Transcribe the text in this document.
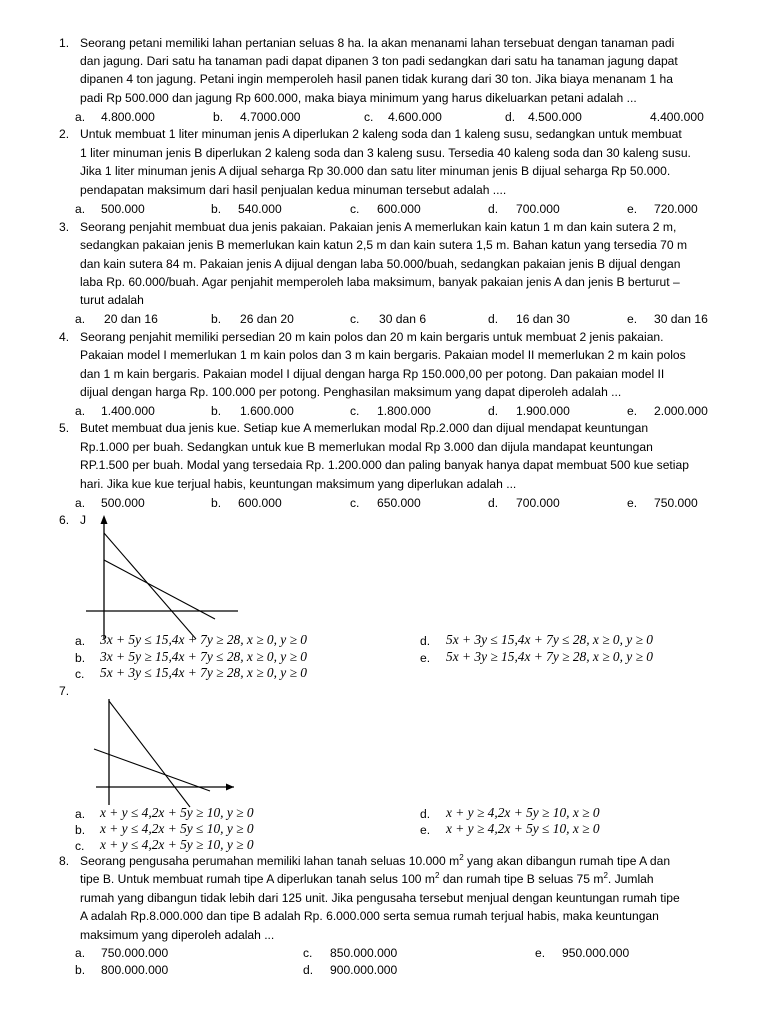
1. Seorang petani memiliki lahan pertanian seluas 8 ha. Ia akan menanami lahan tersebuat dengan tanaman padi
dan jagung. Dari satu ha tanaman padi dapat dipanen 3 ton padi sedangkan dari satu ha tanaman jagung dapat
dipanen 4 ton jagung. Petani ingin memperoleh hasil panen tidak kurang dari 30 ton. Jika biaya menanam 1 ha
padi Rp 500.000 dan jagung Rp 600.000, maka biaya minimum yang harus dikeluarkan petani adalah ...
a. 4.800.000	b. 4.7000.000	c. 4.600.000	d. 4.500.000	4.400.000
2. Untuk membuat 1 liter minuman jenis A diperlukan 2 kaleng soda dan 1 kaleng susu, sedangkan untuk membuat
1 liter minuman jenis B diperlukan 2 kaleng soda dan 3 kaleng susu. Tersedia 40 kaleng soda dan 30 kaleng susu.
Jika 1 liter minuman jenis A dijual seharga Rp 30.000 dan satu liter minuman jenis B dijual seharga Rp 50.000.
pendapatan maksimum dari hasil penjualan kedua minuman tersebut adalah ....
a. 500.000	b. 540.000	c. 600.000	d. 700.000	e. 720.000
3. Seorang penjahit membuat dua jenis pakaian. Pakaian jenis A memerlukan kain katun 1 m dan kain sutera 2 m,
sedangkan pakaian jenis B memerlukan kain katun 2,5 m dan kain sutera 1,5 m. Bahan katun yang tersedia 70 m
dan kain sutera 84 m. Pakaian jenis A dijual dengan laba 50.000/buah, sedangkan pakaian jenis B dijual dengan
laba Rp. 60.000/buah. Agar penjahit memperoleh laba maksimum, banyak pakaian jenis A dan jenis B berturut –
turut adalah
a. 20 dan 16	b. 26 dan 20	c. 30 dan 6	d. 16 dan 30	e. 30 dan 16
4. Seorang penjahit memiliki persedian 20 m kain polos dan 20 m kain bergaris untuk membuat 2 jenis pakaian.
Pakaian model I memerlukan 1 m kain polos dan 3 m kain bergaris. Pakaian model II memerlukan 2 m kain polos
dan 1 m kain bergaris. Pakaian model I dijual dengan harga Rp 150.000,00 per potong. Dan pakaian model II
dijual dengan harga Rp. 100.000 per potong. Penghasilan maksimum yang dapat diperoleh adalah ...
a. 1.400.000	b. 1.600.000	c. 1.800.000	d. 1.900.000	e. 2.000.000
5. Butet membuat dua jenis kue. Setiap kue A memerlukan modal Rp.2.000 dan dijual mendapat keuntungan
Rp.1.000 per buah. Sedangkan untuk kue B memerlukan modal Rp 3.000 dan dijula mandapat keuntungan
RP.1.500 per buah. Modal yang tersedaia Rp. 1.200.000 dan paling banyak hanya dapat membuat 500 kue setiap
hari. Jika kue kue terjual habis, keuntungan maksimum yang diperlukan adalah ...
a. 500.000	b. 600.000	c. 650.000	d. 700.000	e. 750.000
6. J
a. 3x + 5y ≤ 15,4x + 7y ≥ 28, x ≥ 0, y ≥ 0
b. 3x + 5y ≥ 15,4x + 7y ≤ 28, x ≥ 0, y ≥ 0
c. 5x + 3y ≤ 15,4x + 7y ≥ 28, x ≥ 0, y ≥ 0
d. 5x + 3y ≤ 15,4x + 7y ≤ 28, x ≥ 0, y ≥ 0
e. 5x + 3y ≥ 15,4x + 7y ≥ 28, x ≥ 0, y ≥ 0
7.
a. x + y ≤ 4,2x + 5y ≥ 10, y ≥ 0
b. x + y ≤ 4,2x + 5y ≤ 10, y ≥ 0
c. x + y ≤ 4,2x + 5y ≥ 10, y ≥ 0
d. x + y ≥ 4,2x + 5y ≥ 10, x ≥ 0
e. x + y ≥ 4,2x + 5y ≤ 10, x ≥ 0
8. Seorang pengusaha perumahan memiliki lahan tanah seluas 10.000 $m^2$ yang akan dibangun rumah tipe A dan
tipe B. Untuk membuat rumah tipe A diperlukan tanah selus 100 $m^2$ dan rumah tipe B seluas 75 $m^2$. Jumlah
rumah yang dibangun tidak lebih dari 125 unit. Jika pengusaha tersebut menjual dengan keuntungan rumah tipe
A adalah Rp.8.000.000 dan tipe B adalah Rp. 6.000.000 serta semua rumah terjual habis, maka keuntungan
maksimum yang diperoleh adalah ...
a. 750.000.000
b. 800.000.000
c. 850.000.000
d. 900.000.000
e. 950.000.000
